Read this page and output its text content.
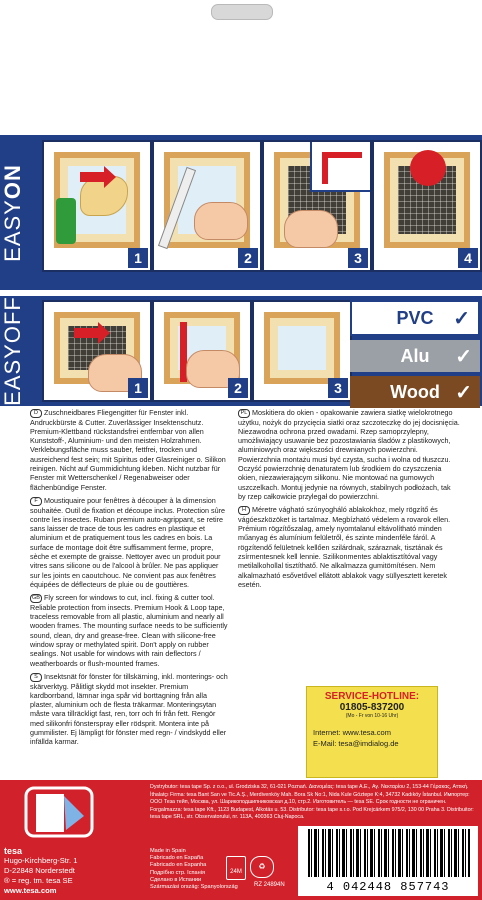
EASYON
1	2	3	4
EASYOFF
1	2	3
PVC ✓
Alu ✓
Wood ✓

D Zuschneidbares Fliegengitter für Fenster inkl. Andruckbürste & Cutter. Zuverlässiger Insektenschutz. Premium-Klettband rückstandsfrei entfernbar von allen Kunststoff-, Aluminium- und den meisten Holzrahmen. Verklebungsfläche muss sauber, fettfrei, trocken und ausreichend fest sein; mit Spiritus oder Glasreiniger o. Silikon reinigen. Nicht auf Gummidichtung kleben. Nicht nutzbar für Fenster mit Wetterschenkel / Regenabweiser oder flächenbündige Fenster.

F Moustiquaire pour fenêtres à découper à la dimension souhaitée. Outil de fixation et découpe inclus. Protection sûre contre les insectes. Ruban premium auto-agrippant, se retire sans laisser de trace de tous les cadres en plastique et aluminium et de pratiquement tous les cadres en bois. La surface de montage doit être suffisamment ferme, propre, sèche et exempte de graisse. Nettoyer avec un produit pour vitres sans silicone ou de l'alcool à brûler. Ne pas appliquer sur les joints en caoutchouc. Ne convient pas aux fenêtres équipées de déflecteurs de pluie ou de gouttières.

GB Fly screen for windows to cut, incl. fixing & cutter tool. Reliable protection from insects. Premium Hook & Loop tape, traceless removable from all plastic, aluminium and nearly all wooden frames. The mounting surface needs to be sufficiently sound, clean, dry and grease-free. Clean with silicone-free window spray or methylated spirit. Don't apply on rubber sealings. Not usable for windows with rain deflectors / weatherboards or flush-mounted frames.

S Insektsnät för fönster för tillskärning, inkl. monterings- och skärverktyg. Pålitligt skydd mot insekter. Premium kardborrband, lämnar inga spår vid borttagning från alla plaster, aluminium och de flesta träkarmar. Monteringsytan måste vara tillräckligt fast, ren, torr och fri från fett. Rengör med silikonfri fönsterspray eller rödsprit. Montera inte på gummilister. Ej lämpligt för fönster med regn- / vindskydd eller infällda karmar.

PL Moskitiera do okien - opakowanie zawiera siatkę wielokrotnego użytku, nożyk do przycięcia siatki oraz szczoteczkę do jej docisnięcia. Niezawodna ochrona przed owadami. Rzep samoprzylepny, umożliwiający usuwanie bez pozostawiania śladów z plastikowych, aluminiowych oraz większości drewnianych powierzchni. Powierzchnia montażu musi być czysta, sucha i wolna od tłuszczu. Oczyść powierzchnię denaturatem lub środkiem do czyszczenia okien, niezawierającym silikonu. Nie montować na gumowych uszczelkach. Montuj jedynie na równych, stabilnych podłożach, tak by rzep całkowicie przylegał do powierzchni.

H Méretre vágható szúnyogháló ablakokhoz, mely rögzítő és vágóeszközöket is tartalmaz. Megbízható védelem a rovarok ellen. Prémium rögzítőszalag, amely nyomtalanul eltávolítható minden műanyag és alumínium felületről, és szinte mindenféle fáról. A rögzítendő felületnek kellően szilárdnak, száraznak, tisztának és zsírmentesnek kell lennie. Szilikonmentes ablaktisztítóval vagy metilalkohollal tisztíthatő. Ne alkalmazza gumitömítésen. Nem alkalmazható esővetővel ellátott ablakok vagy süllyesztett keretek esetén.

SERVICE-HOTLINE:
01805-837200
(Mo - Fr von 10-16 Uhr)
Internet: www.tesa.com
E-Mail: tesa@imdialog.de
tesa
Hugo-Kirchberg-Str. 1
D-22848 Norderstedt
® = reg. tm. tesa SE
www.tesa.com
Dystrybutor: tesa tape Sp. z o.o., ul. Grodziska 32, 61-021 Poznań. Διανομέας: tesa tape A.E., Αγ. Νεκταρίου 2, 153-44 Γέρακας, Αττική. İthalatçı Firma: tesa Bant San ve Tic.A.Ş., Merdivenköy Mah. Bora Sk No:1, Nida Kule Göztepe K:4, 34732 Kadıköy İstanbul. Импортер: ООО Теза тейп, Москва, ул. Шарикоподшипниковская д.10, стр.2. Изготовитель — tesa SE. Срок годности не ограничен. Forgalmazza: tesa tape Kft., 1123 Budapest, Alkotás u. 53. Distributor: tesa tape s.r.o. Pod Krejcárkem 975/2, 130 00 Praha 3. Distribuitor: tesa tape SRL, str. Observatorului, nr. 113A, 400363 Cluj-Napoca.
Made in Spain
Fabricado en España
Fabricado en Espanha
Подрібно стр. Іспанія
Сделано в Испании
Származási ország: Spanyolország
24M
♻
RZ 24894N	4 042448 857743
